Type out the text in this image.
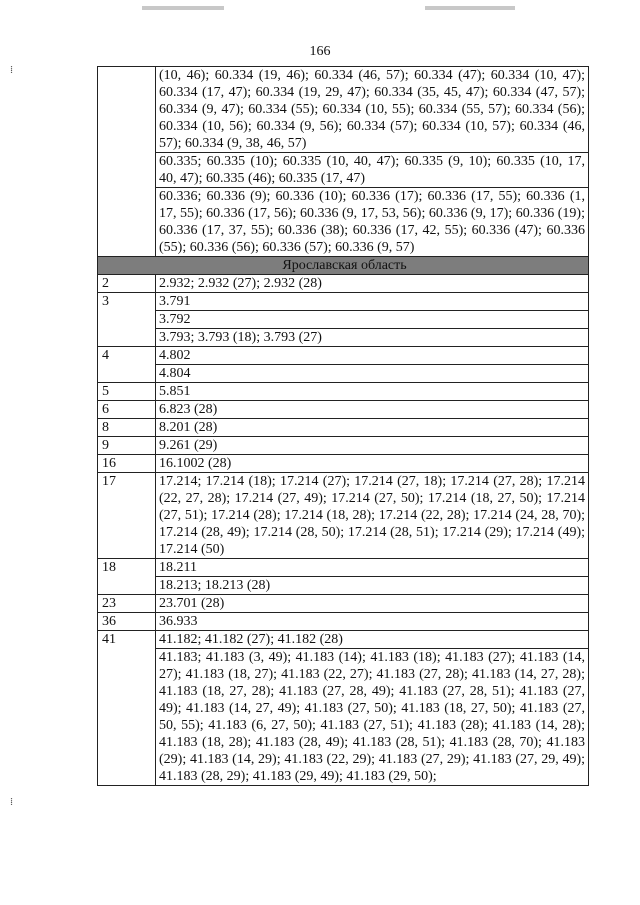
166
⁞
⁞
	(10, 46); 60.334 (19, 46); 60.334 (46, 57); 60.334 (47); 60.334 (10, 47); 60.334 (17, 47); 60.334 (19, 29, 47); 60.334 (35, 45, 47); 60.334 (47, 57); 60.334 (9, 47); 60.334 (55); 60.334 (10, 55); 60.334 (55, 57); 60.334 (56); 60.334 (10, 56); 60.334 (9, 56); 60.334 (57); 60.334 (10, 57); 60.334 (46, 57); 60.334 (9, 38, 46, 57)
	60.335; 60.335 (10); 60.335 (10, 40, 47); 60.335 (9, 10); 60.335 (10, 17, 40, 47); 60.335 (46); 60.335 (17, 47)
	60.336; 60.336 (9); 60.336 (10); 60.336 (17); 60.336 (17, 55); 60.336 (1, 17, 55); 60.336 (17, 56); 60.336 (9, 17, 53, 56); 60.336 (9, 17); 60.336 (19); 60.336 (17, 37, 55); 60.336 (38); 60.336 (17, 42, 55); 60.336 (47); 60.336 (55); 60.336 (56); 60.336 (57); 60.336 (9, 57)
Ярославская область	
2	2.932; 2.932 (27); 2.932 (28)
3	3.791
	3.792
	3.793; 3.793 (18); 3.793 (27)
4	4.802
	4.804
5	5.851
6	6.823 (28)
8	8.201 (28)
9	9.261 (29)
16	16.1002 (28)
17	17.214; 17.214 (18); 17.214 (27); 17.214 (27, 18); 17.214 (27, 28); 17.214 (22, 27, 28); 17.214 (27, 49); 17.214 (27, 50); 17.214 (18, 27, 50); 17.214 (27, 51); 17.214 (28); 17.214 (18, 28); 17.214 (22, 28); 17.214 (24, 28, 70); 17.214 (28, 49); 17.214 (28, 50); 17.214 (28, 51); 17.214 (29); 17.214 (49); 17.214 (50)
18	18.211
	18.213; 18.213 (28)
23	23.701 (28)
36	36.933
41	41.182; 41.182 (27); 41.182 (28)
	41.183; 41.183 (3, 49); 41.183 (14); 41.183 (18); 41.183 (27); 41.183 (14, 27); 41.183 (18, 27); 41.183 (22, 27); 41.183 (27, 28); 41.183 (14, 27, 28); 41.183 (18, 27, 28); 41.183 (27, 28, 49); 41.183 (27, 28, 51); 41.183 (27, 49); 41.183 (14, 27, 49); 41.183 (27, 50); 41.183 (18, 27, 50); 41.183 (27, 50, 55); 41.183 (6, 27, 50); 41.183 (27, 51); 41.183 (28); 41.183 (14, 28); 41.183 (18, 28); 41.183 (28, 49); 41.183 (28, 51); 41.183 (28, 70); 41.183 (29); 41.183 (14, 29); 41.183 (22, 29); 41.183 (27, 29); 41.183 (27, 29, 49); 41.183 (28, 29); 41.183 (29, 49); 41.183 (29, 50);
